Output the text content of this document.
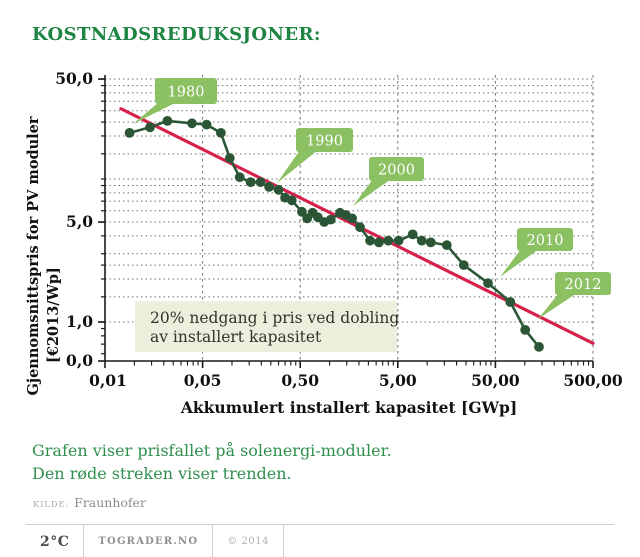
KOSTNADSREDUKSJONER:
20% nedgang i pris ved dobling
av installert kapasitet
50,0
5,0
1,0
0,0
0,01	0,05	0,50	5,00	50,00	500,00
Akkumulert installert kapasitet [GWp]
Gjennomsnittspris for PV moduler [€2013/Wp]
1980
1990
2000
2010
2012
Grafen viser prisfallet på solenergi-moduler.
Den røde streken viser trenden.
KILDE: Fraunhofer
2°C	TOGRADER.NO	© 2014
